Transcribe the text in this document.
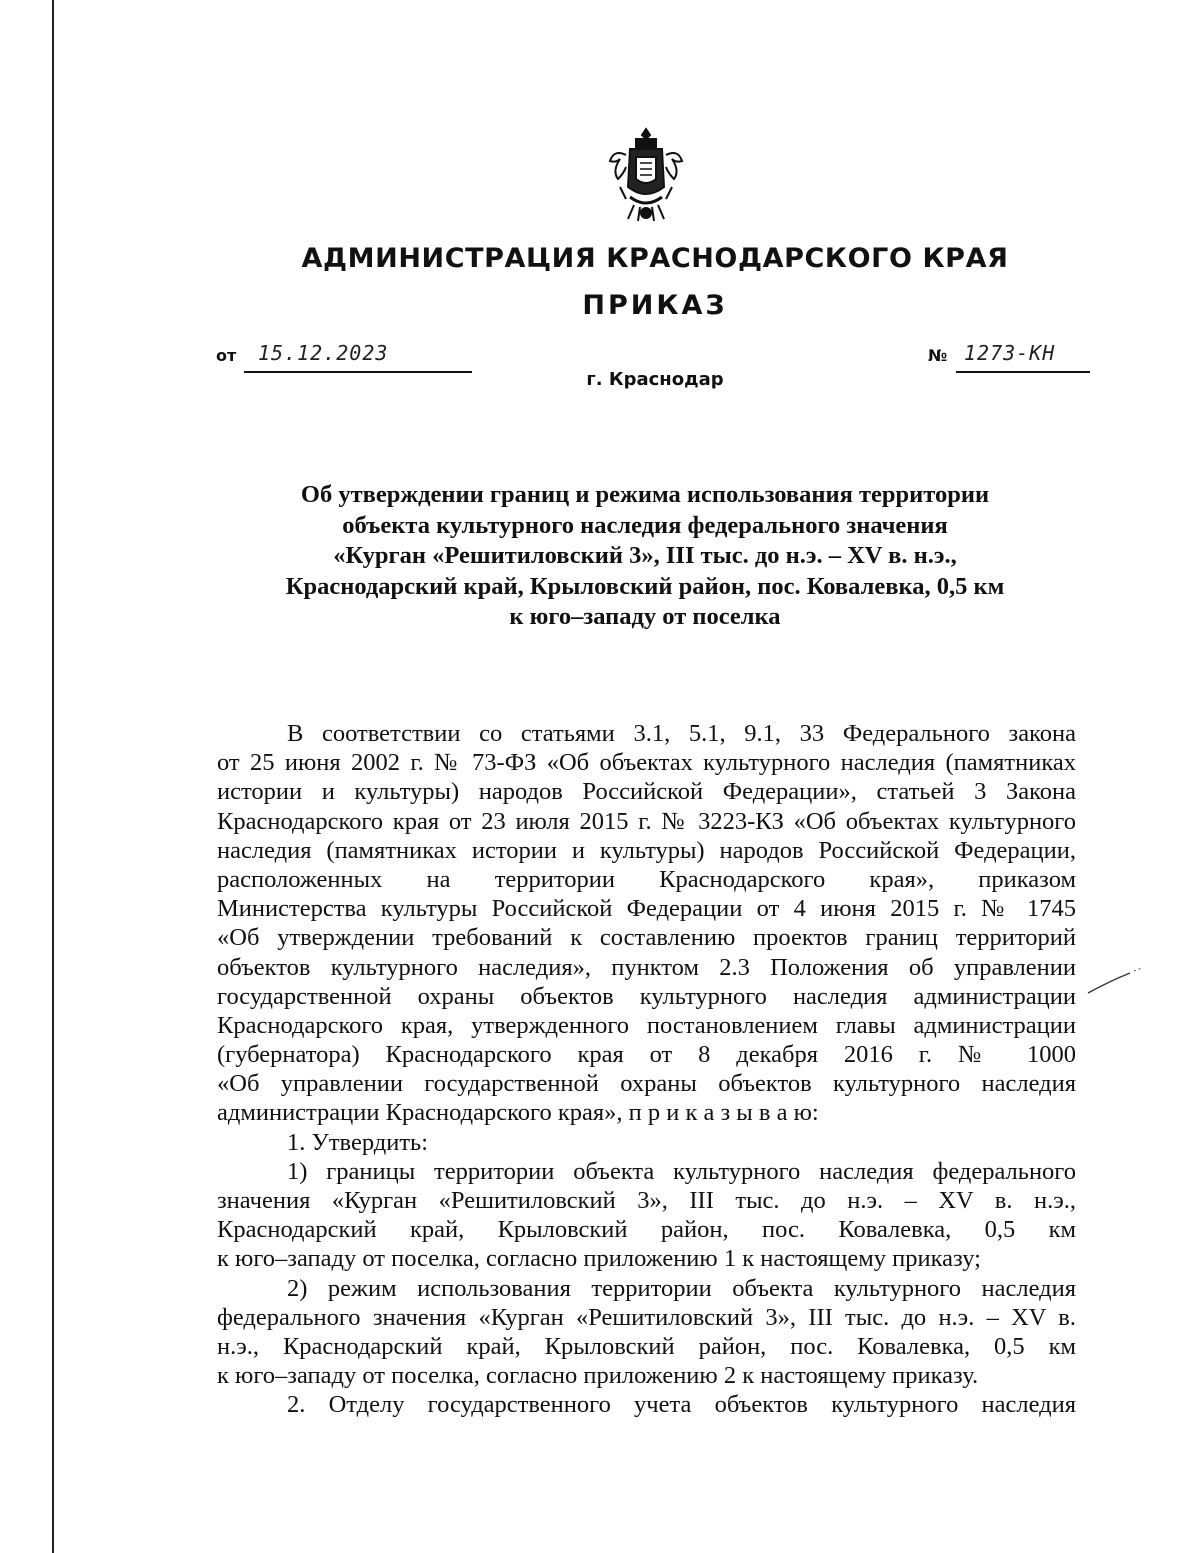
АДМИНИСТРАЦИЯ КРАСНОДАРСКОГО КРАЯ
ПРИКАЗ
от 15.12.2023	№ 1273-КН
г. Краснодар
Об утверждении границ и режима использования территории
объекта культурного наследия федерального значения
«Курган «Решитиловский 3», III тыс. до н.э. – XV в. н.э.,
Краснодарский край, Крыловский район, пос. Ковалевка, 0,5 км
к юго–западу от поселка
В соответствии со статьями 3.1, 5.1, 9.1, 33 Федерального закона
от 25 июня 2002 г. № 73-ФЗ «Об объектах культурного наследия (памятниках
истории и культуры) народов Российской Федерации», статьей 3 Закона
Краснодарского края от 23 июля 2015 г. № 3223-КЗ «Об объектах культурного
наследия (памятниках истории и культуры) народов Российской Федерации,
расположенных на территории Краснодарского края», приказом
Министерства культуры Российской Федерации от 4 июня 2015 г. № 1745
«Об утверждении требований к составлению проектов границ территорий
объектов культурного наследия», пунктом 2.3 Положения об управлении
государственной охраны объектов культурного наследия администрации
Краснодарского края, утвержденного постановлением главы администрации
(губернатора) Краснодарского края от 8 декабря 2016 г. № 1000
«Об управлении государственной охраны объектов культурного наследия
администрации Краснодарского края», п р и к а з ы в а ю:
1. Утвердить:
1) границы территории объекта культурного наследия федерального
значения «Курган «Решитиловский 3», III тыс. до н.э. – XV в. н.э.,
Краснодарский край, Крыловский район, пос. Ковалевка, 0,5 км
к юго–западу от поселка, согласно приложению 1 к настоящему приказу;
2) режим использования территории объекта культурного наследия
федерального значения «Курган «Решитиловский 3», III тыс. до н.э. – XV в.
н.э., Краснодарский край, Крыловский район, пос. Ковалевка, 0,5 км
к юго–западу от поселка, согласно приложению 2 к настоящему приказу.
2. Отделу государственного учета объектов культурного наследия
